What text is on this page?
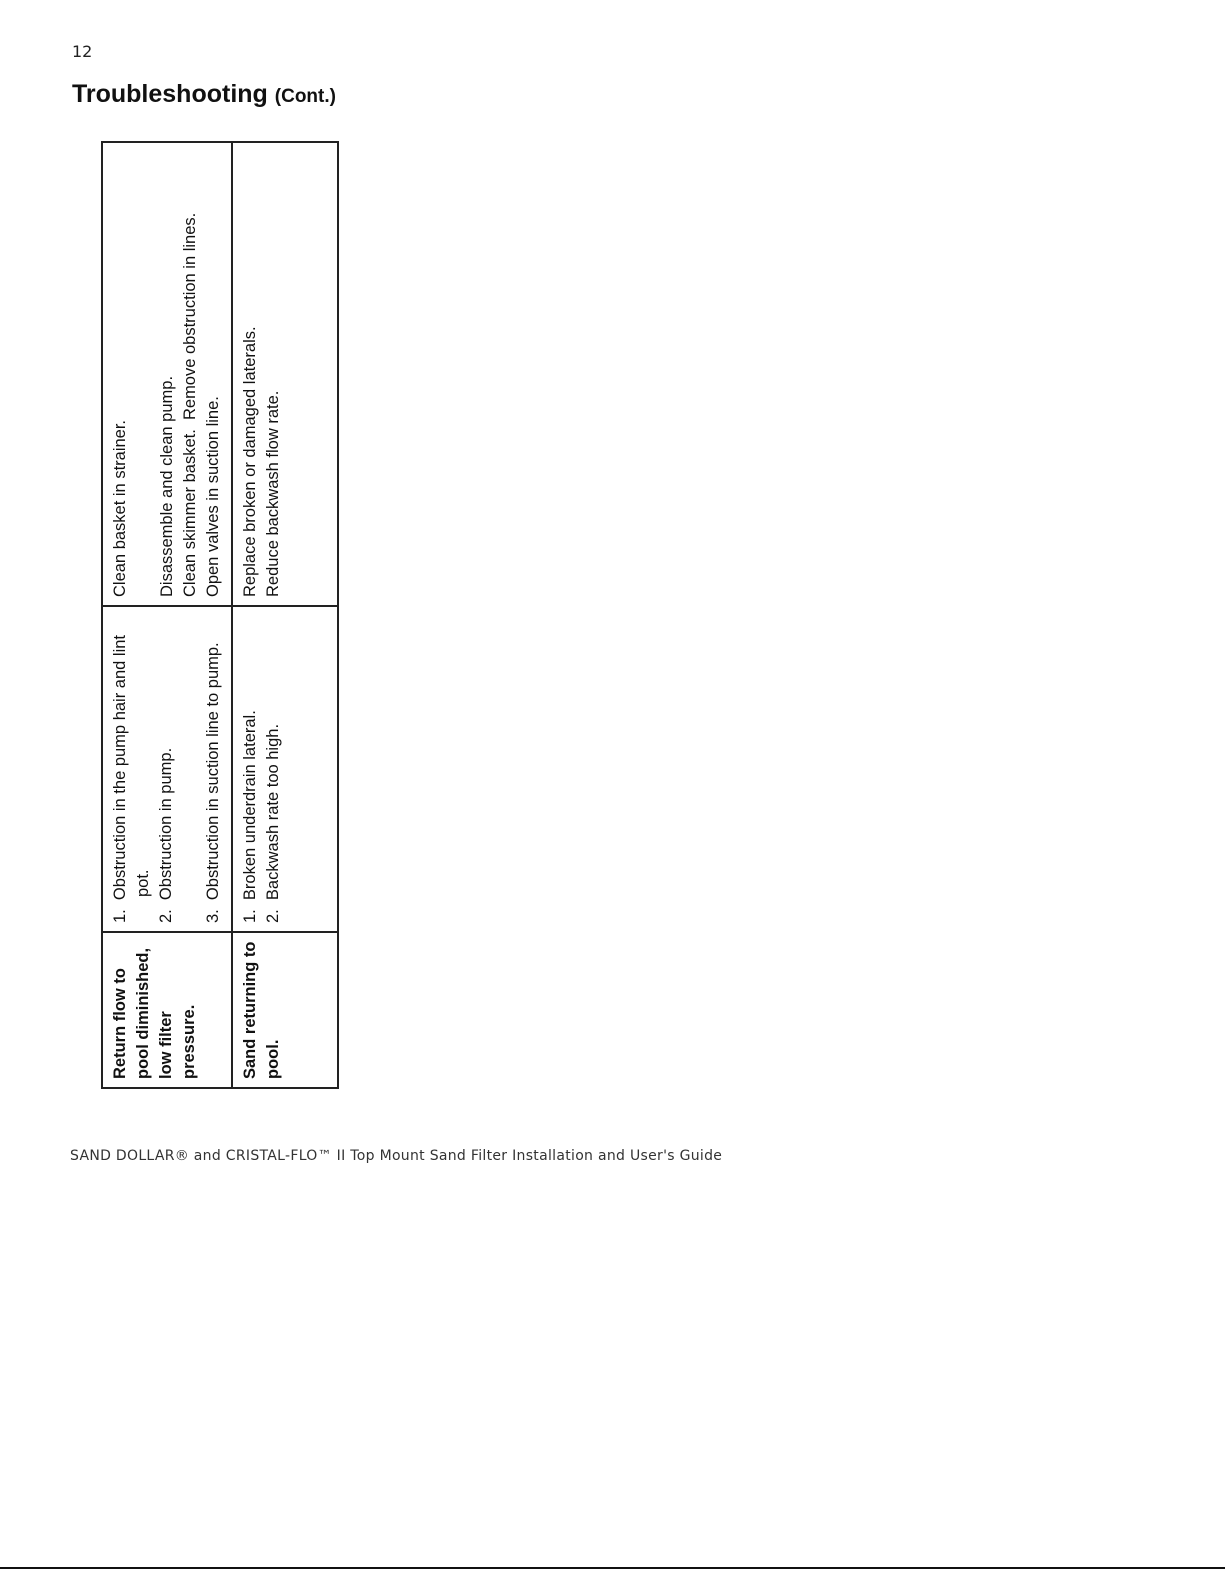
12
Troubleshooting (Cont.)
Return flow to pool diminished, low filter pressure.	1.  Obstruction in the pump hair and lint pot. 2.  Obstruction in pump. 3.  Obstruction in suction line to pump.	Clean basket in strainer. Disassemble and clean pump. Clean skimmer basket.  Remove obstruction in lines. Open valves in suction line.

Sand returning to pool.	1.  Broken underdrain lateral. 2.  Backwash rate too high.	Replace broken or damaged laterals. Reduce backwash flow rate.
SAND DOLLAR® and CRISTAL-FLO™ II Top Mount Sand Filter Installation and User's Guide
